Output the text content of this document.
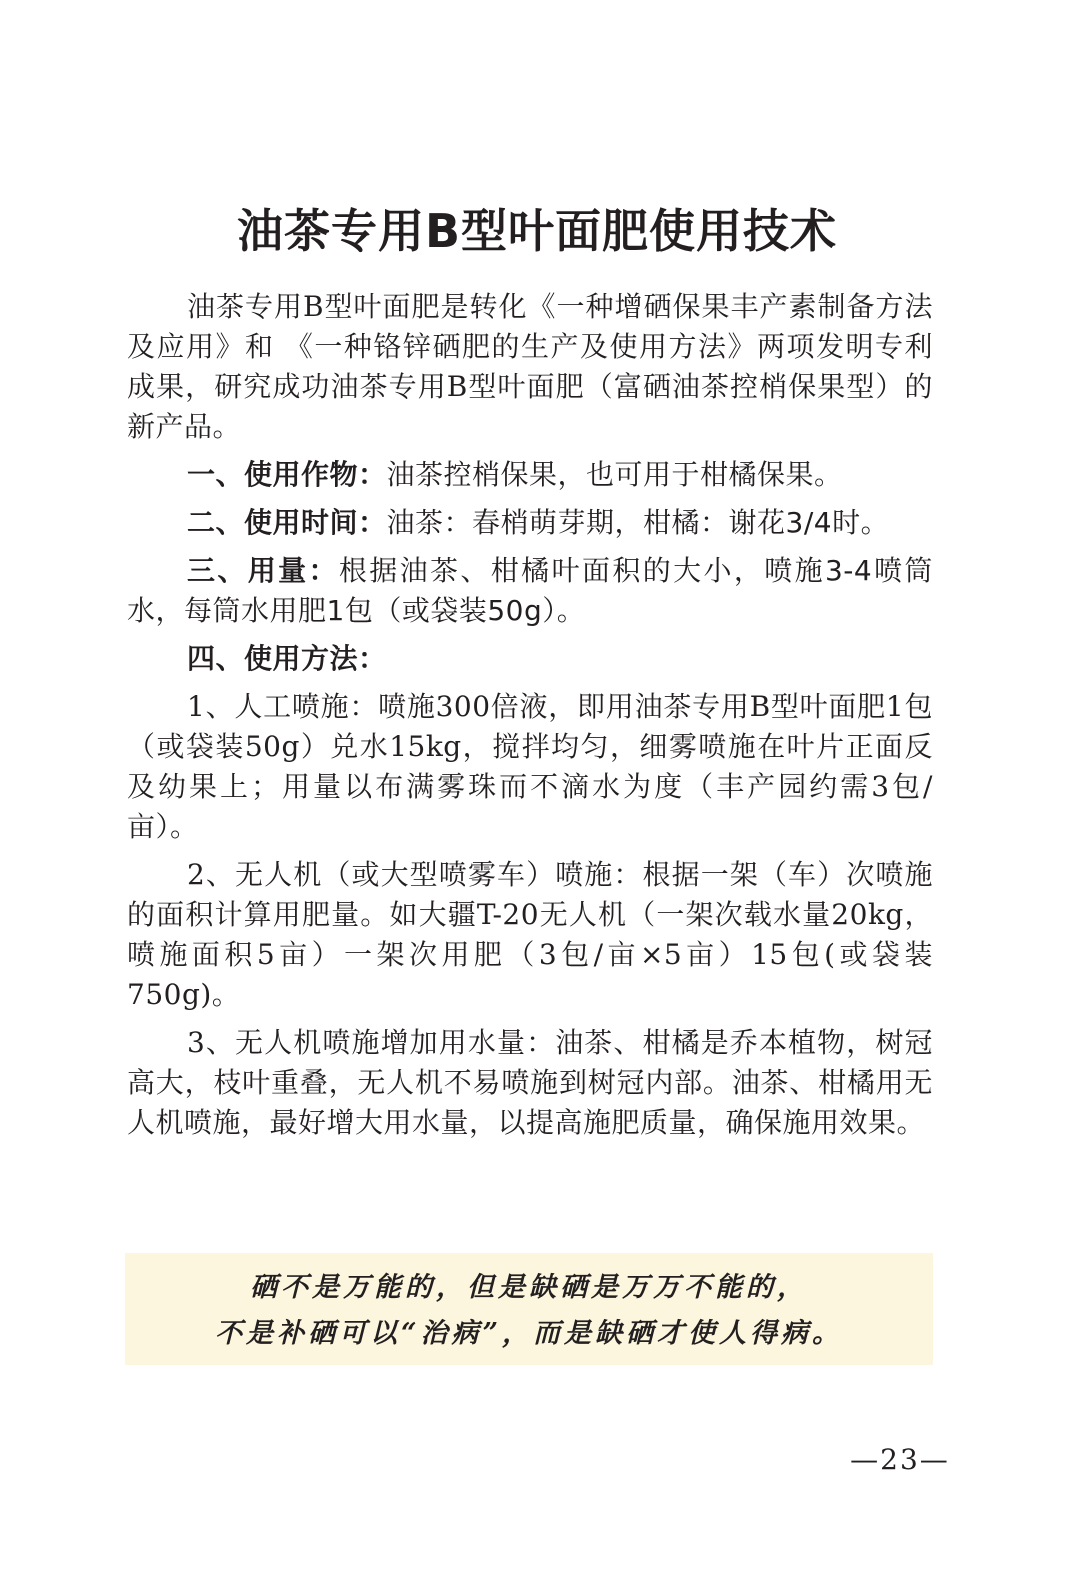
油茶专用B型叶面肥使用技术

油茶专用B型叶面肥是转化《一种增硒保果丰产素制备方法及应用》和 《一种铬锌硒肥的生产及使用方法》两项发明专利成果，研究成功油茶专用B型叶面肥（富硒油茶控梢保果型）的新产品。

一、使用作物：油茶控梢保果，也可用于柑橘保果。

二、使用时间：油茶：春梢萌芽期，柑橘：谢花3/4时。

三、用量：根据油茶、柑橘叶面积的大小，喷施3-4喷筒水，每筒水用肥1包（或袋装50g）。

四、使用方法：

1、人工喷施：喷施300倍液，即用油茶专用B型叶面肥1包（或袋装50g）兑水15kg，搅拌均匀，细雾喷施在叶片正面反及幼果上；用量以布满雾珠而不滴水为度（丰产园约需3包/亩）。

2、无人机（或大型喷雾车）喷施：根据一架（车）次喷施的面积计算用肥量。如大疆T-20无人机（一架次载水量20kg，喷施面积5亩）一架次用肥（3包/亩×5亩）15包(或袋装750g)。

3、无人机喷施增加用水量：油茶、柑橘是乔本植物，树冠高大，枝叶重叠，无人机不易喷施到树冠内部。油茶、柑橘用无人机喷施，最好增大用水量，以提高施肥质量，确保施用效果。

硒不是万能的，但是缺硒是万万不能的，
不是补硒可以“治病”，而是缺硒才使人得病。
—23—
